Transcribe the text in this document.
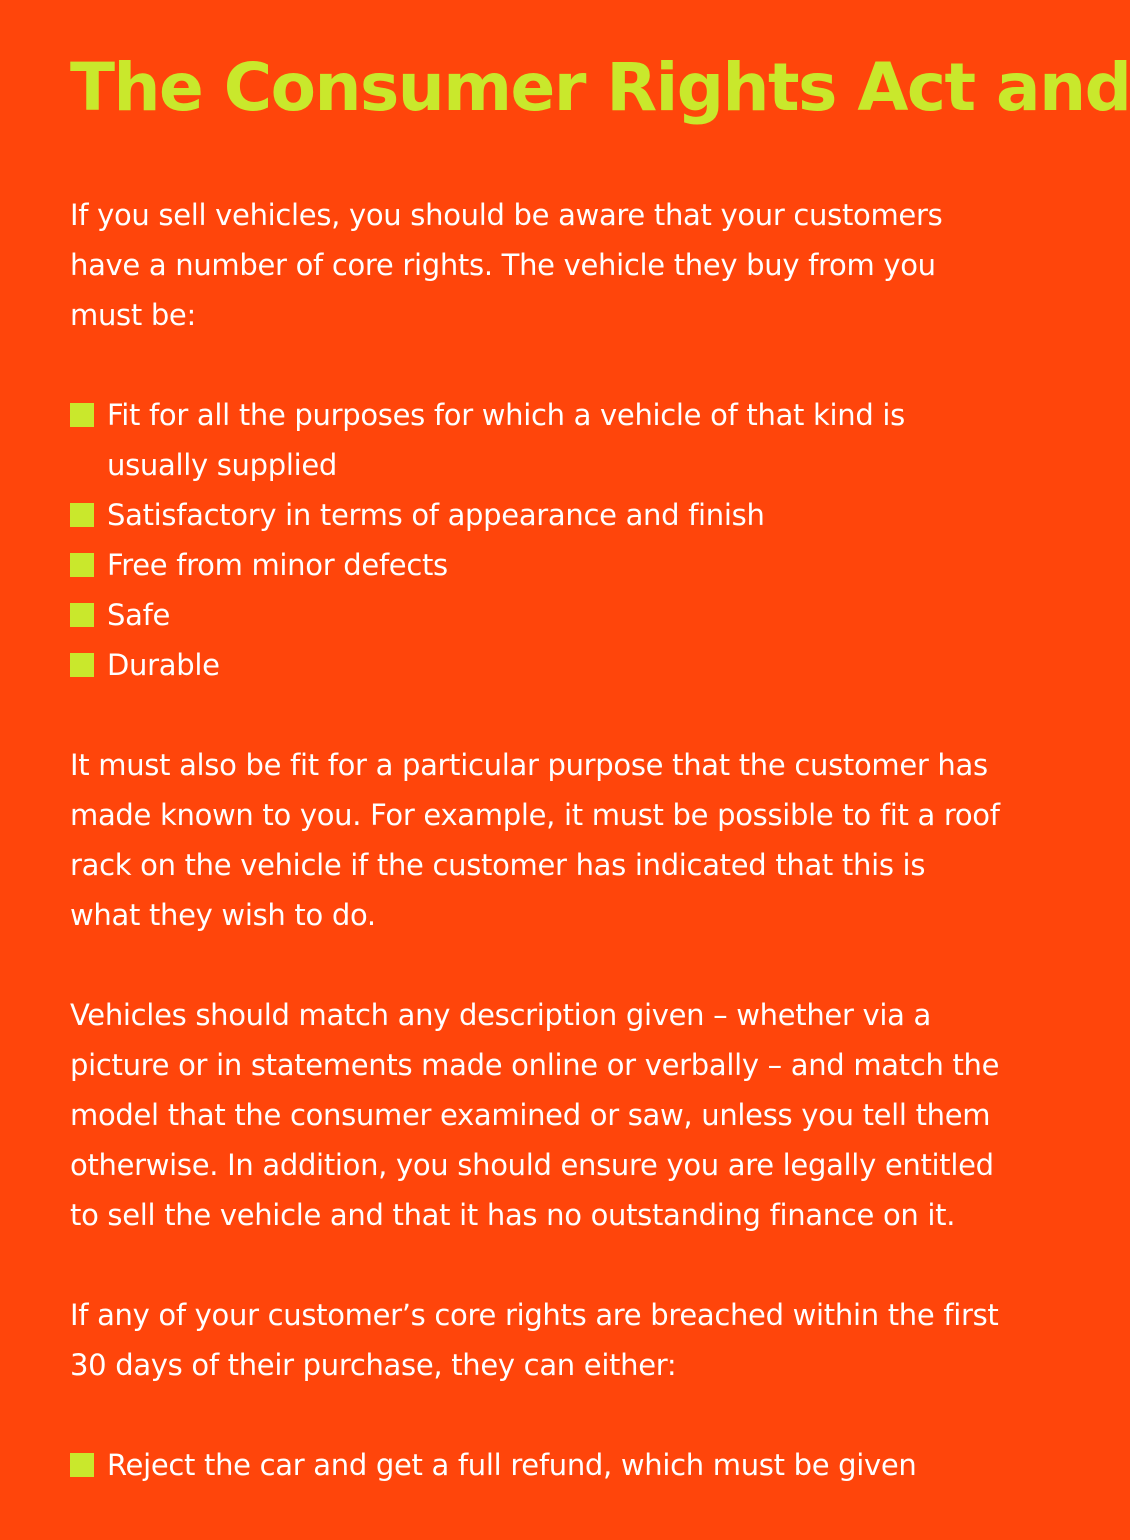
The Consumer Rights Act and

If you sell vehicles, you should be aware that your customers have a number of core rights. The vehicle they buy from you must be:

Fit for all the purposes for which a vehicle of that kind is usually supplied
Satisfactory in terms of appearance and finish
Free from minor defects
Safe
Durable

It must also be fit for a particular purpose that the customer has made known to you. For example, it must be possible to fit a roof rack on the vehicle if the customer has indicated that this is what they wish to do.

Vehicles should match any description given – whether via a picture or in statements made online or verbally – and match the model that the consumer examined or saw, unless you tell them otherwise. In addition, you should ensure you are legally entitled to sell the vehicle and that it has no outstanding finance on it.

If any of your customer’s core rights are breached within the first 30 days of their purchase, they can either:

Reject the car and get a full refund, which must be given
